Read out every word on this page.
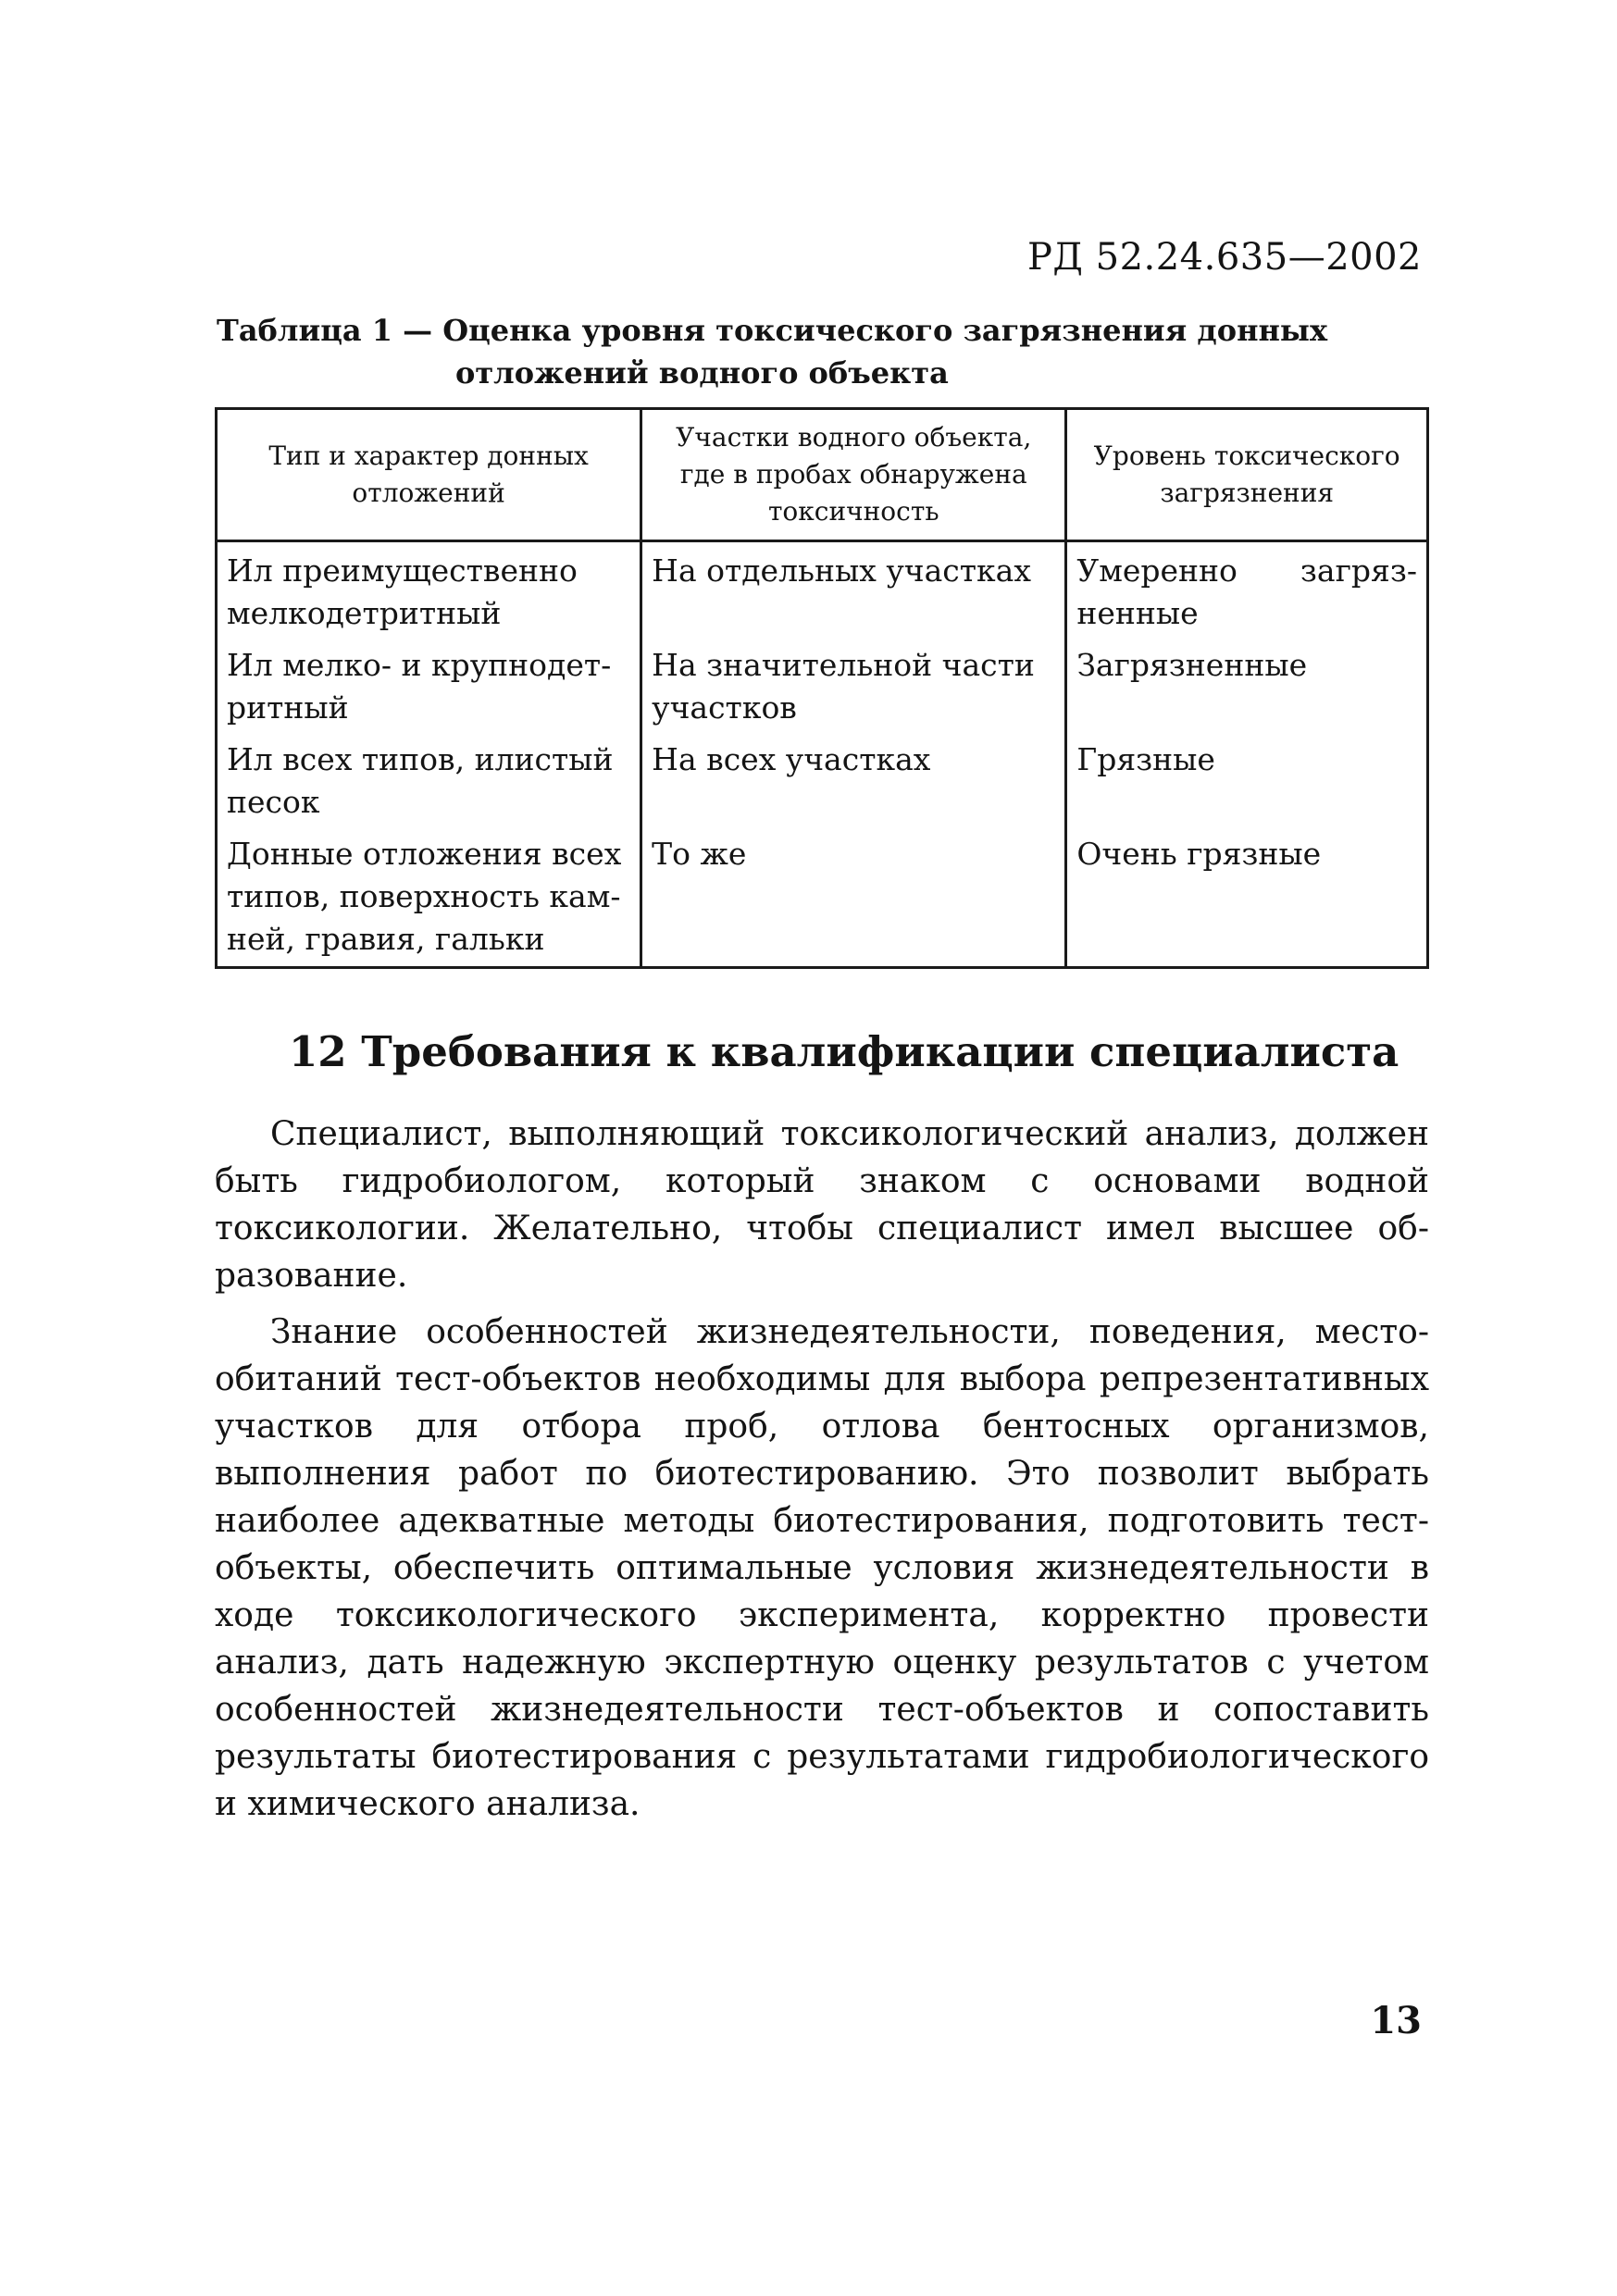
РД 52.24.635—2002
Таблица 1 — Оценка уровня токсического загрязнения донных
отложений водного объекта
Тип и характер донных отложений	Участки водного объекта, где в пробах обнаружена токсичность	Уровень токсического загрязнения
Ил преимущественно мелкодетритный	На отдельных участках	Умеренно загрязненные
Ил мелко- и крупнодетритный	На значительной части участков	Загрязненные
Ил всех типов, илистый песок	На всех участках	Грязные
Донные отложения всех типов, поверхность камней, гравия, гальки	То же	Очень грязные
12 Требования к квалификации специалиста

Специалист, выполняющий токсикологический анализ, должен быть гидробиологом, который знаком с основами водной токсикологии. Желательно, чтобы специалист имел высшее образование.

Знание особенностей жизнедеятельности, поведения, местообитаний тест-объектов необходимы для выбора репрезентативных участков для отбора проб, отлова бентосных организмов, выполнения работ по биотестированию. Это позволит выбрать наиболее адекватные методы биотестирования, подготовить тест-объекты, обеспечить оптимальные условия жизнедеятельности в ходе токсикологического эксперимента, корректно провести анализ, дать надежную экспертную оценку результатов с учетом особенностей жизнедеятельности тест-объектов и сопоставить результаты биотестирования с результатами гидробиологического и химического анализа.

13
